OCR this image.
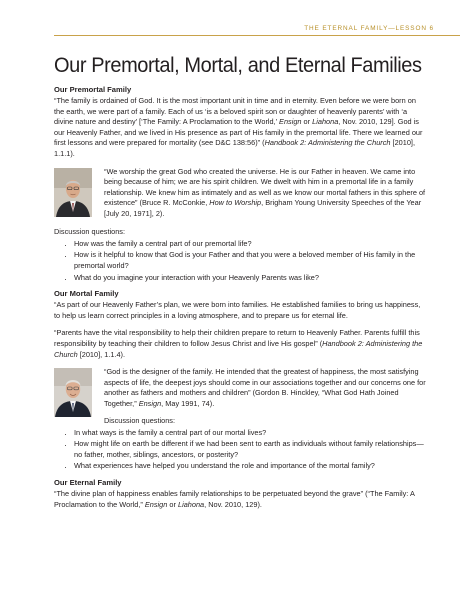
THE ETERNAL FAMILY—LESSON 6
Our Premortal, Mortal, and Eternal Families
Our Premortal Family

“The family is ordained of God. It is the most important unit in time and in eternity. Even before we were born on the earth, we were part of a family. Each of us ‘is a beloved spirit son or daughter of heavenly parents’ with ‘a divine nature and destiny’ [‘The Family: A Proclamation to the World,’ Ensign or Liahona, Nov. 2010, 129]. God is our Heavenly Father, and we lived in His presence as part of His family in the premortal life. There we learned our first lessons and were prepared for mortality (see D&C 138:56)” (Handbook 2: Administering the Church [2010], 1.1.1).

“We worship the great God who created the universe. He is our Father in heaven. We came into being because of him; we are his spirit children. We dwelt with him in a premortal life in a family relationship. We knew him as intimately and as well as we know our mortal fathers in this sphere of existence” (Bruce R. McConkie, How to Worship, Brigham Young University Speeches of the Year [July 20, 1971], 2).

Discussion questions:
• How was the family a central part of our premortal life?
• How is it helpful to know that God is your Father and that you were a beloved member of His family in the premortal world?
• What do you imagine your interaction with your Heavenly Parents was like?
Our Mortal Family

“As part of our Heavenly Father’s plan, we were born into families. He established families to bring us happiness, to help us learn correct principles in a loving atmosphere, and to prepare us for eternal life.

“Parents have the vital responsibility to help their children prepare to return to Heavenly Father. Parents fulfill this responsibility by teaching their children to follow Jesus Christ and live His gospel” (Handbook 2: Administering the Church [2010], 1.1.4).

“God is the designer of the family. He intended that the greatest of happiness, the most satisfying aspects of life, the deepest joys should come in our associations together and our concerns one for another as fathers and mothers and children” (Gordon B. Hinckley, “What God Hath Joined Together,” Ensign, May 1991, 74).

Discussion questions:
• In what ways is the family a central part of our mortal lives?
• How might life on earth be different if we had been sent to earth as individuals without family relationships—no father, mother, siblings, ancestors, or posterity?
• What experiences have helped you understand the role and importance of the mortal family?
Our Eternal Family

“The divine plan of happiness enables family relationships to be perpetuated beyond the grave” (“The Family: A Proclamation to the World,” Ensign or Liahona, Nov. 2010, 129).
